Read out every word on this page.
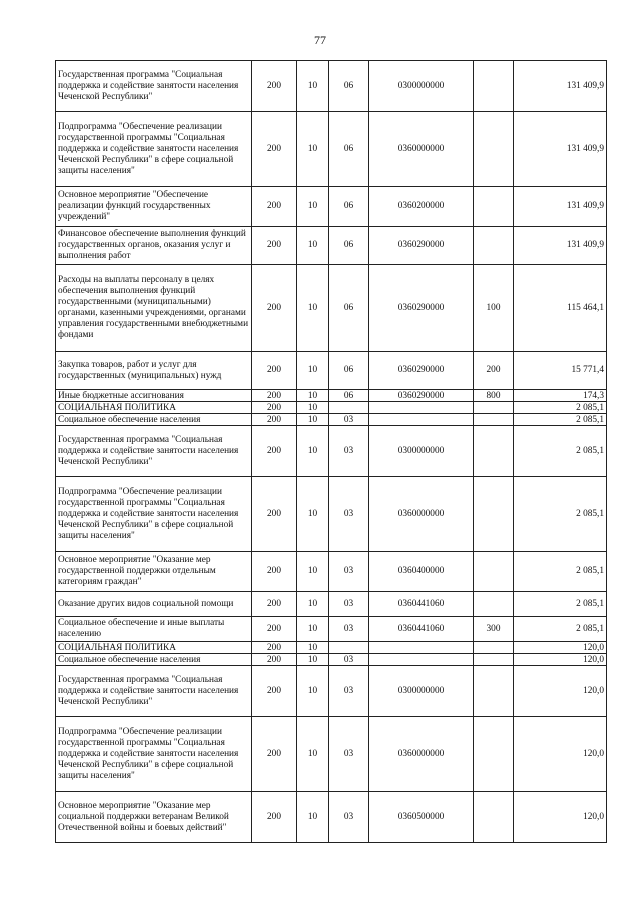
77
Государственная программа "Социальная поддержка и содействие занятости населения Чеченской Республики"	200	10	06	0300000000		131 409,9
Подпрограмма "Обеспечение реализации государственной программы "Социальная поддержка и содействие занятости населения Чеченской Республики" в сфере социальной защиты населения"	200	10	06	0360000000		131 409,9
Основное мероприятие "Обеспечение реализации функций государственных учреждений"	200	10	06	0360200000		131 409,9
Финансовое обеспечение выполнения функций государственных органов, оказания услуг и выполнения работ	200	10	06	0360290000		131 409,9
Расходы на выплаты персоналу в целях обеспечения выполнения функций государственными (муниципальными) органами, казенными учреждениями, органами управления государственными внебюджетными фондами	200	10	06	0360290000	100	115 464,1
Закупка товаров, работ и услуг для государственных (муниципальных) нужд	200	10	06	0360290000	200	15 771,4
Иные бюджетные ассигнования	200	10	06	0360290000	800	174,3
СОЦИАЛЬНАЯ ПОЛИТИКА	200	10				2 085,1
Социальное обеспечение населения	200	10	03			2 085,1
Государственная программа "Социальная поддержка и содействие занятости населения Чеченской Республики"	200	10	03	0300000000		2 085,1
Подпрограмма "Обеспечение реализации государственной программы "Социальная поддержка и содействие занятости населения Чеченской Республики" в сфере социальной защиты населения"	200	10	03	0360000000		2 085,1
Основное мероприятие "Оказание мер государственной поддержки отдельным категориям граждан"	200	10	03	0360400000		2 085,1
Оказание других видов социальной помощи	200	10	03	0360441060		2 085,1
Социальное обеспечение и иные выплаты населению	200	10	03	0360441060	300	2 085,1
СОЦИАЛЬНАЯ ПОЛИТИКА	200	10				120,0
Социальное обеспечение населения	200	10	03			120,0
Государственная программа "Социальная поддержка и содействие занятости населения Чеченской Республики"	200	10	03	0300000000		120,0
Подпрограмма "Обеспечение реализации государственной программы "Социальная поддержка и содействие занятости населения Чеченской Республики" в сфере социальной защиты населения"	200	10	03	0360000000		120,0
Основное мероприятие "Оказание мер социальной поддержки ветеранам Великой Отечественной войны и боевых действий"	200	10	03	0360500000		120,0
